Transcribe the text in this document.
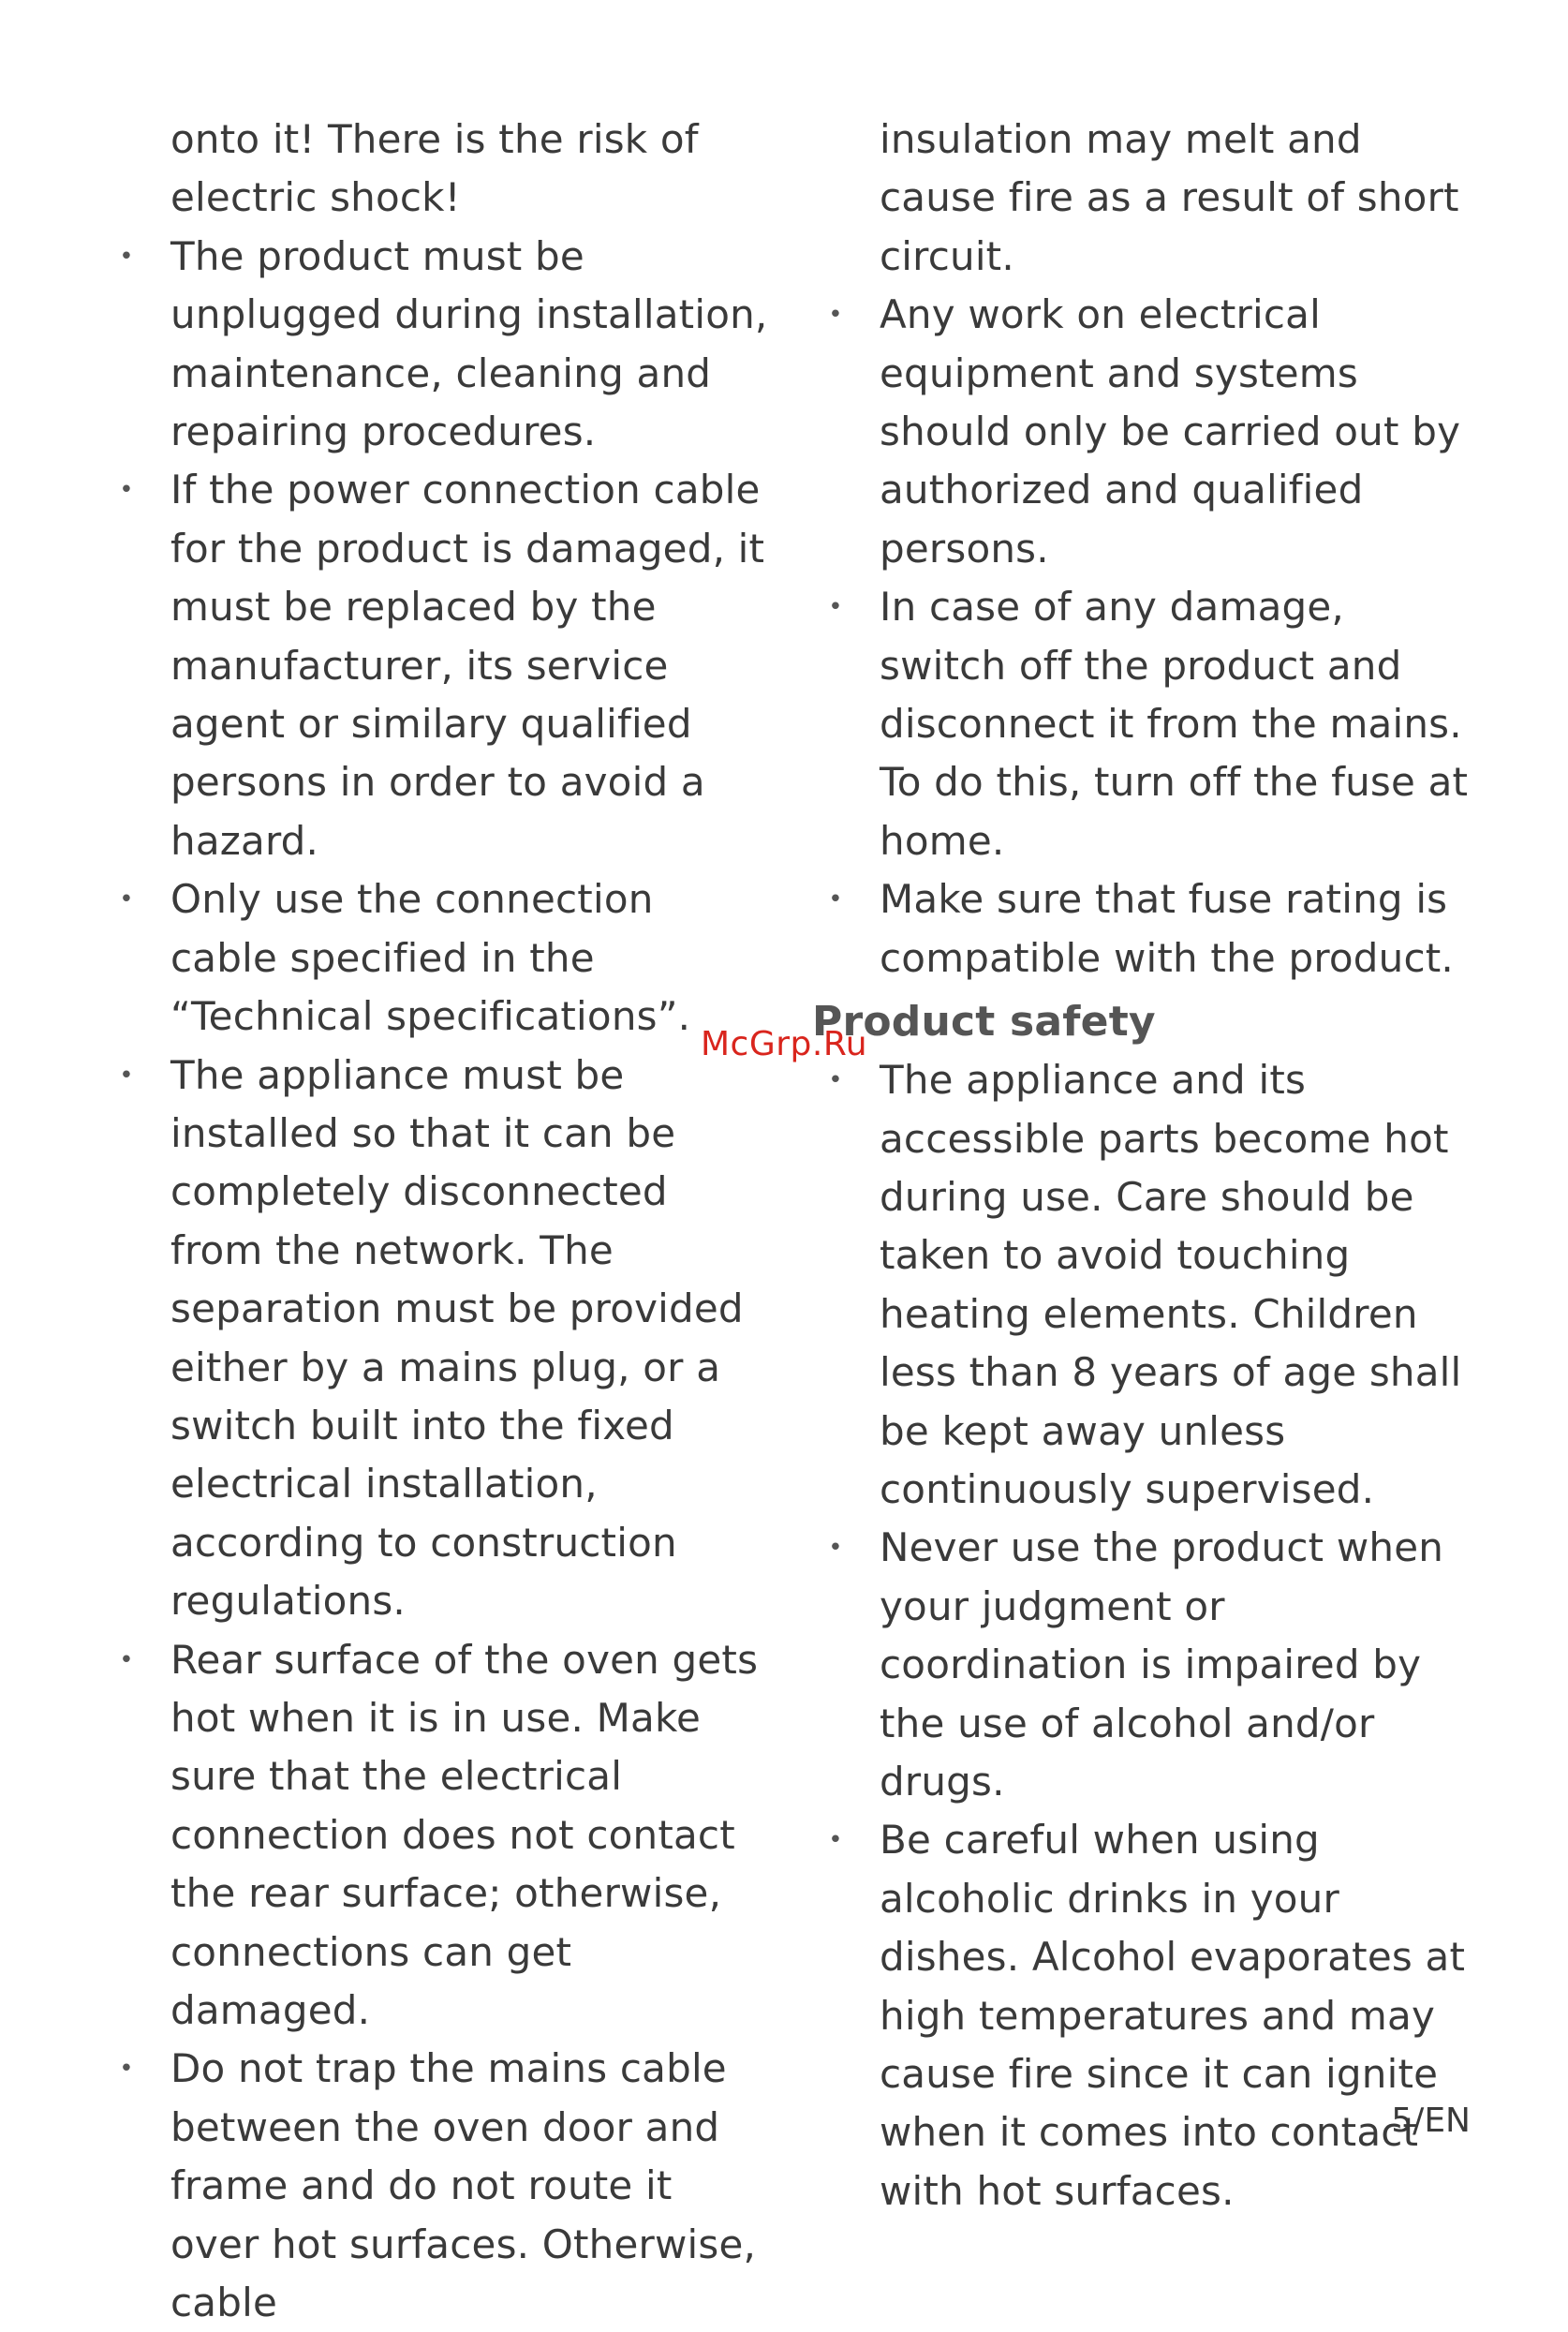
onto it! There is the risk of electric shock!

• The product must be unplugged during installation, maintenance, cleaning and repairing procedures.
• If the power connection cable for the product is damaged, it must be replaced by the manufacturer, its service agent or similary qualified persons in order to avoid a hazard.
• Only use the connection cable specified in the “Technical specifications”.
• The appliance must be installed so that it can be completely disconnected from the network. The separation must be provided either by a mains plug, or a switch built into the fixed electrical installation, according to construction regulations.
• Rear surface of the oven gets hot when it is in use. Make sure that the electrical connection does not contact the rear surface; otherwise, connections can get damaged.
• Do not trap the mains cable between the oven door and frame and do not route it over hot surfaces. Otherwise, cable

insulation may melt and cause fire as a result of short circuit.

• Any work on electrical equipment and systems should only be carried out by authorized and qualified persons.
• In case of any damage, switch off the product and disconnect it from the mains. To do this, turn off the fuse at home.
• Make sure that fuse rating is compatible with the product.
Product safety
• The appliance and its accessible parts become hot during use. Care should be taken to avoid touching heating elements. Children less than 8 years of age shall be kept away unless continuously supervised.
• Never use the product when your judgment or coordination is impaired by the use of alcohol and/or drugs.
• Be careful when using alcoholic drinks in your dishes. Alcohol evaporates at high temperatures and may cause fire since it can ignite when it comes into contact with hot surfaces.
McGrp.Ru
5/EN
